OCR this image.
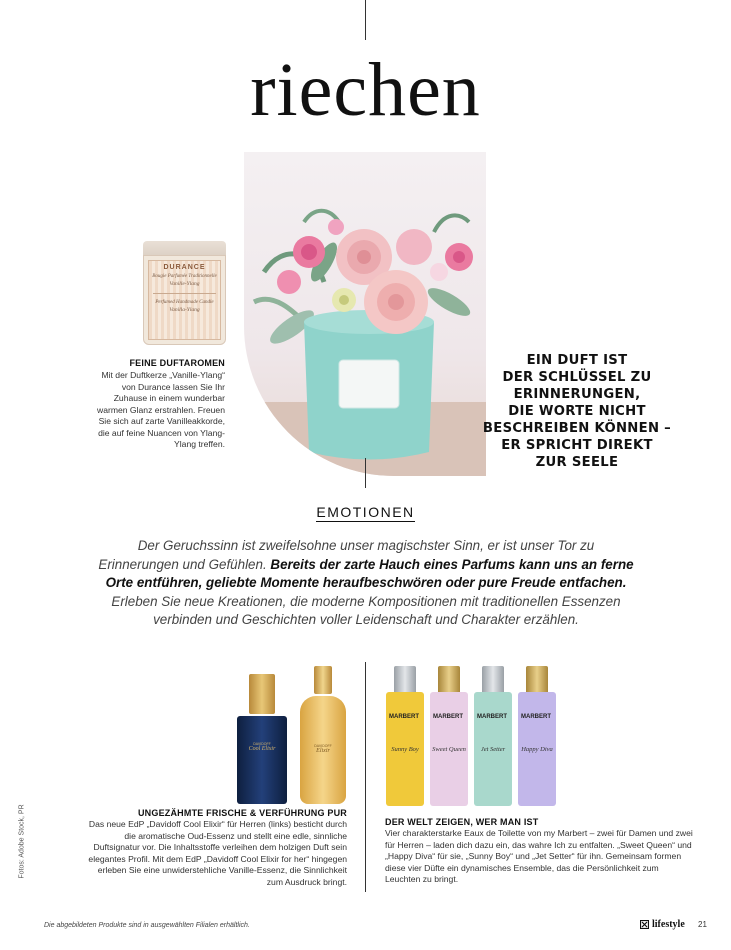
riechen
DURANCE
Bougie Parfumée Traditionnelle
Vanille-Ylang
Perfumed Handmade Candle
Vanilla-Ylang
FEINE DUFTAROMEN
Mit der Duftkerze „Vanille-Ylang“ von Durance lassen Sie Ihr Zuhause in einem wunderbar warmen Glanz erstrahlen. Freuen Sie sich auf zarte Vanilleakkorde, die auf feine Nuancen von Ylang-Ylang treffen.
EIN DUFT IST
DER SCHLÜSSEL ZU
ERINNERUNGEN,
DIE WORTE NICHT
BESCHREIBEN KÖNNEN –
ER SPRICHT DIREKT
ZUR SEELE
EMOTIONEN
Der Geruchssinn ist zweifelsohne unser magischster Sinn, er ist unser Tor zu Erinnerungen und Gefühlen. Bereits der zarte Hauch eines Parfums kann uns an ferne Orte entführen, geliebte Momente heraufbeschwören oder pure Freude entfachen. Erleben Sie neue Kreationen, die moderne Kompositionen mit traditionellen Essenzen verbinden und Geschichten voller Leidenschaft und Charakter erzählen.
DAVIDOFF
Cool Elixir	DAVIDOFF
Elixir
UNGEZÄHMTE FRISCHE & VERFÜHRUNG PUR
Das neue EdP „Davidoff Cool Elixir“ für Herren (links) besticht durch die aromatische Oud-Essenz und stellt eine edle, sinnliche Duftsignatur vor. Die Inhaltsstoffe verleihen dem holzigen Duft sein elegantes Profil. Mit dem EdP „Davidoff Cool Elixir for her“ hingegen erleben Sie eine unwiderstehliche Vanille-Essenz, die Sinnlichkeit zum Ausdruck bringt.
MARBERT
Sunny Boy
MARBERT
Sweet Queen
MARBERT
Jet Setter
MARBERT
Happy Diva
DER WELT ZEIGEN, WER MAN IST
Vier charakterstarke Eaux de Toilette von my Marbert – zwei für Damen und zwei für Herren – laden dich dazu ein, das wahre Ich zu entfalten. „Sweet Queen“ und „Happy Diva“ für sie, „Sunny Boy“ und „Jet Setter“ für ihn. Gemeinsam formen diese vier Düfte ein dynamisches Ensemble, das die Persönlichkeit zum Leuchten zu bringt.
Fotos: Adobe Stock, PR
Die abgebildeten Produkte sind in ausgewählten Filialen erhältlich.	lifestyle 21
